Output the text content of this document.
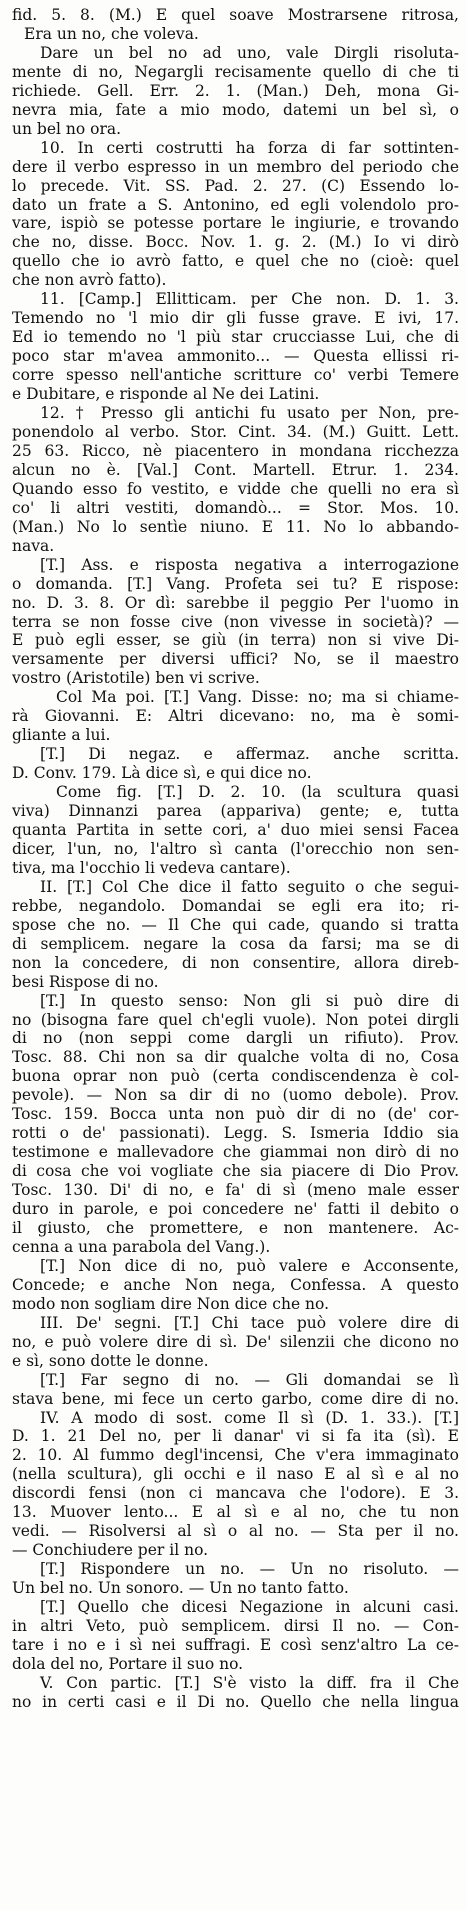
fid. 5. 8. (M.) E quel soave Mostrarsene ritrosa,
Era un no, che voleva.
Dare un bel no ad uno, vale Dirgli risoluta-
mente di no, Negargli recisamente quello di che ti
richiede. Gell. Err. 2. 1. (Man.) Deh, mona Gi-
nevra mia, fate a mio modo, datemi un bel sì, o
un bel no ora.
10. In certi costrutti ha forza di far sottinten-
dere il verbo espresso in un membro del periodo che
lo precede. Vit. SS. Pad. 2. 27. (C) Essendo lo-
dato un frate a S. Antonino, ed egli volendolo pro-
vare, ispiò se potesse portare le ingiurie, e trovando
che no, disse. Bocc. Nov. 1. g. 2. (M.) Io vi dirò
quello che io avrò fatto, e quel che no (cioè: quel
che non avrò fatto).
11. [Camp.] Ellitticam. per Che non. D. 1. 3.
Temendo no 'l mio dir gli fusse grave. E ivi, 17.
Ed io temendo no 'l più star crucciasse Lui, che di
poco star m'avea ammonito... — Questa ellissi ri-
corre spesso nell'antiche scritture co' verbi Temere
e Dubitare, e risponde al Ne dei Latini.
12. † Presso gli antichi fu usato per Non, pre-
ponendolo al verbo. Stor. Cint. 34. (M.) Guitt. Lett.
25 63. Ricco, nè piacentero in mondana ricchezza
alcun no è. [Val.] Cont. Martell. Etrur. 1. 234.
Quando esso fo vestito, e vidde che quelli no era sì
co' li altri vestiti, domandò... = Stor. Mos. 10.
(Man.) No lo sentìe niuno. E 11. No lo abbando-
nava.
[T.] Ass. e risposta negativa a interrogazione
o domanda. [T.] Vang. Profeta sei tu? E rispose:
no. D. 3. 8. Or dì: sarebbe il peggio Per l'uomo in
terra se non fosse cive (non vivesse in società)? —
E può egli esser, se giù (in terra) non si vive Di-
versamente per diversi uffici? No, se il maestro
vostro (Aristotile) ben vi scrive.
Col Ma poi. [T.] Vang. Disse: no; ma si chiame-
rà Giovanni. E: Altri dicevano: no, ma è somi-
gliante a lui.
[T.] Di negaz. e affermaz. anche scritta.
D. Conv. 179. Là dice sì, e qui dice no.
Come fig. [T.] D. 2. 10. (la scultura quasi
viva) Dinnanzi parea (appariva) gente; e, tutta
quanta Partita in sette cori, a' duo miei sensi Facea
dicer, l'un, no, l'altro sì canta (l'orecchio non sen-
tiva, ma l'occhio li vedeva cantare).
II. [T.] Col Che dice il fatto seguito o che segui-
rebbe, negandolo. Domandai se egli era ito; ri-
spose che no. — Il Che qui cade, quando si tratta
di semplicem. negare la cosa da farsi; ma se di
non la concedere, di non consentire, allora direb-
besi Rispose di no.
[T.] In questo senso: Non gli si può dire di
no (bisogna fare quel ch'egli vuole). Non potei dirgli
di no (non seppi come dargli un rifiuto). Prov.
Tosc. 88. Chi non sa dir qualche volta di no, Cosa
buona oprar non può (certa condiscendenza è col-
pevole). — Non sa dir di no (uomo debole). Prov.
Tosc. 159. Bocca unta non può dir di no (de' cor-
rotti o de' passionati). Legg. S. Ismeria Iddio sia
testimone e mallevadore che giammai non dirò di no
di cosa che voi vogliate che sia piacere di Dio Prov.
Tosc. 130. Di' di no, e fa' di sì (meno male esser
duro in parole, e poi concedere ne' fatti il debito o
il giusto, che promettere, e non mantenere. Ac-
cenna a una parabola del Vang.).
[T.] Non dice di no, può valere e Acconsente,
Concede; e anche Non nega, Confessa. A questo
modo non sogliam dire Non dice che no.
III. De' segni. [T.] Chi tace può volere dire di
no, e può volere dire di sì. De' silenzii che dicono no
e sì, sono dotte le donne.
[T.] Far segno di no. — Gli domandai se lì
stava bene, mi fece un certo garbo, come dire di no.
IV. A modo di sost. come Il sì (D. 1. 33.). [T.]
D. 1. 21 Del no, per li danar' vi si fa ita (sì). E
2. 10. Al fummo degl'incensi, Che v'era immaginato
(nella scultura), gli occhi e il naso E al sì e al no
discordi fensi (non ci mancava che l'odore). E 3.
13. Muover lento... E al sì e al no, che tu non
vedi. — Risolversi al sì o al no. — Sta per il no.
— Conchiudere per il no.
[T.] Rispondere un no. — Un no risoluto. —
Un bel no. Un sonoro. — Un no tanto fatto.
[T.] Quello che dicesi Negazione in alcuni casi.
in altri Veto, può semplicem. dirsi Il no. — Con-
tare i no e i sì nei suffragi. E così senz'altro La ce-
dola del no, Portare il suo no.
V. Con partic. [T.] S'è visto la diff. fra il Che
no in certi casi e il Di no. Quello che nella lingua
